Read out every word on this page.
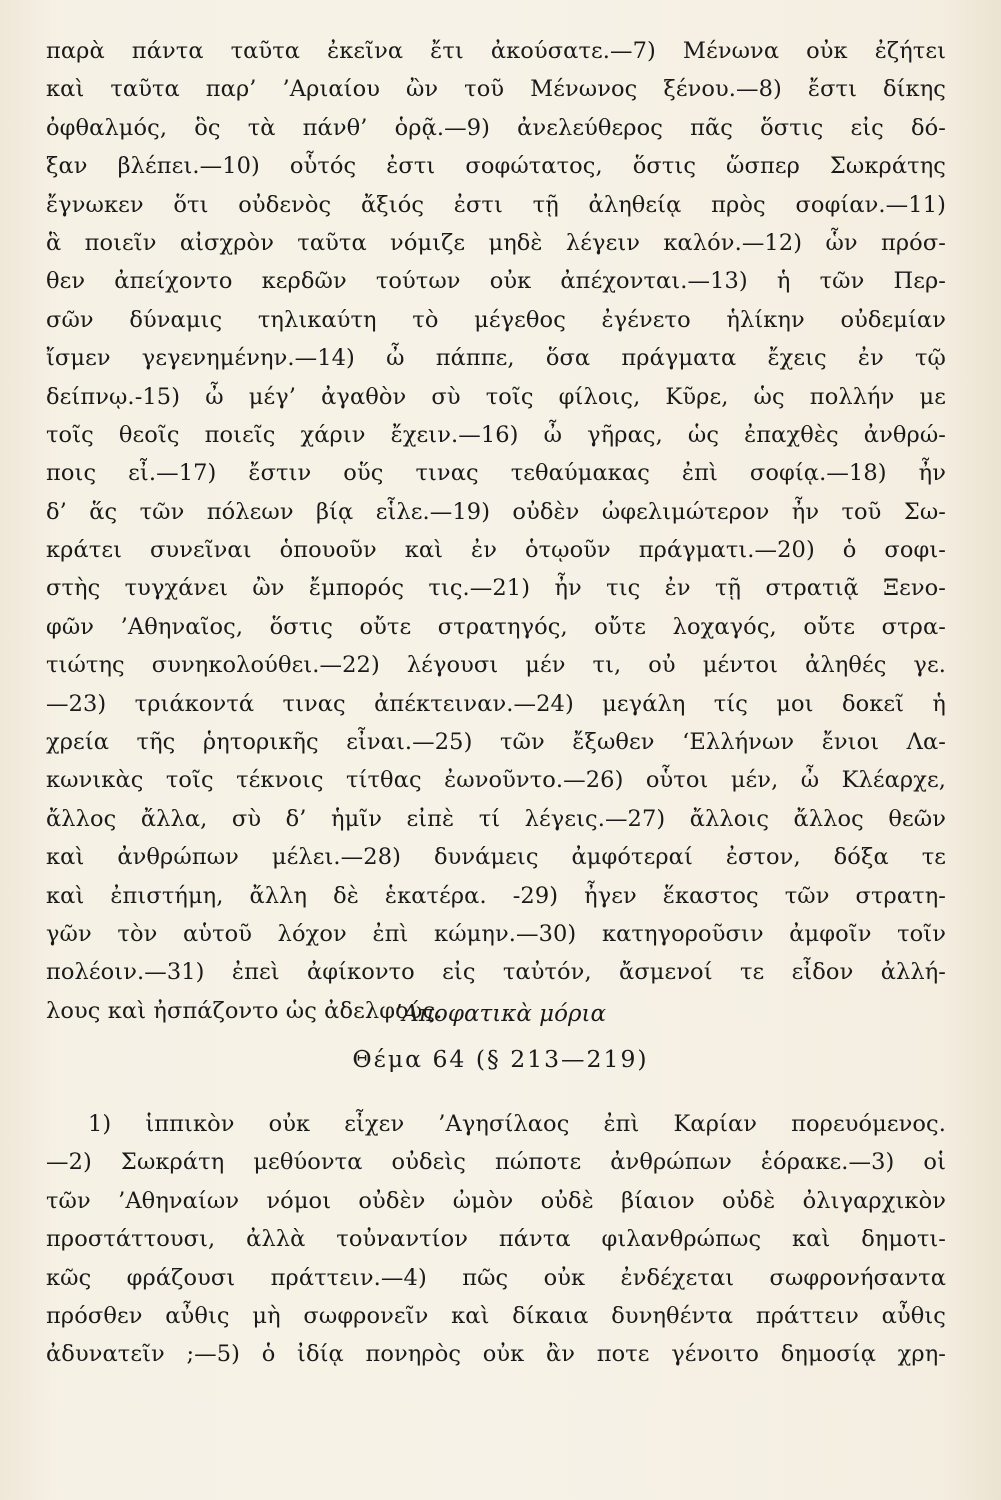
παρὰ πάντα ταῦτα ἐκεῖνα ἔτι ἀκούσατε.—7) Μένωνα οὐκ ἐζήτει
καὶ ταῦτα παρ’ ’Αριαίου ὢν τοῦ Μένωνος ξένου.—8) ἔστι δίκης
ὀφθαλμός, ὃς τὰ πάνθ’ ὁρᾷ.—9) ἀνελεύθερος πᾶς ὅστις εἰς δό-
ξαν βλέπει.—10) οὗτός ἐστι σοφώτατος, ὅστις ὥσπερ Σωκράτης
ἔγνωκεν ὅτι οὐδενὸς ἄξιός ἐστι τῇ ἀληθείᾳ πρὸς σοφίαν.—11)
ἃ ποιεῖν αἰσχρὸν ταῦτα νόμιζε μηδὲ λέγειν καλόν.—12) ὧν πρόσ-
θεν ἀπείχοντο κερδῶν τούτων οὐκ ἀπέχονται.—13) ἡ τῶν Περ-
σῶν δύναμις τηλικαύτη τὸ μέγεθος ἐγένετο ἡλίκην οὐδεμίαν
ἴσμεν γεγενημένην.—14) ὦ πάππε, ὅσα πράγματα ἔχεις ἐν τῷ
δείπνῳ.-15) ὦ μέγ’ ἀγαθὸν σὺ τοῖς φίλοις, Κῦρε, ὡς πολλήν με
τοῖς θεοῖς ποιεῖς χάριν ἔχειν.—16) ὦ γῆρας, ὡς ἐπαχθὲς ἀνθρώ-
ποις εἶ.—17) ἔστιν οὕς τινας τεθαύμακας ἐπὶ σοφίᾳ.—18) ἦν
δ’ ἅς τῶν πόλεων βίᾳ εἷλε.—19) οὐδὲν ὠφελιμώτερον ἦν τοῦ Σω-
κράτει συνεῖναι ὁπουοῦν καὶ ἐν ὁτῳοῦν πράγματι.—20) ὁ σοφι-
στὴς τυγχάνει ὢν ἔμπορός τις.—21) ἦν τις ἐν τῇ στρατιᾷ Ξενο-
φῶν ’Αθηναῖος, ὅστις οὔτε στρατηγός, οὔτε λοχαγός, οὔτε στρα-
τιώτης συνηκολούθει.—22) λέγουσι μέν τι, οὐ μέντοι ἀληθές γε.
—23) τριάκοντά τινας ἀπέκτειναν.—24) μεγάλη τίς μοι δοκεῖ ἡ
χρεία τῆς ῥητορικῆς εἶναι.—25) τῶν ἔξωθεν ‘Ελλήνων ἔνιοι Λα-
κωνικὰς τοῖς τέκνοις τίτθας ἐωνοῦντο.—26) οὗτοι μέν, ὦ Κλέαρχε,
ἄλλος ἄλλα, σὺ δ’ ἡμῖν εἰπὲ τί λέγεις.—27) ἄλλοις ἄλλος θεῶν
καὶ ἀνθρώπων μέλει.—28) δυνάμεις ἀμφότεραί ἐστον, δόξα τε
καὶ ἐπιστήμη, ἄλλη δὲ ἑκατέρα. -29) ἦγεν ἕκαστος τῶν στρατη-
γῶν τὸν αὑτοῦ λόχον ἐπὶ κώμην.—30) κατηγοροῦσιν ἀμφοῖν τοῖν
πολέοιν.—31) ἐπεὶ ἀφίκοντο εἰς ταὐτόν, ἄσμενοί τε εἶδον ἀλλή-
λους καὶ ἠσπάζοντο ὡς ἀδελφούς.
’Αποφατικὰ μόρια
Θέμα 64 (§ 213—219)
1) ἱππικὸν οὐκ εἶχεν ’Αγησίλαος ἐπὶ Καρίαν πορευόμενος.
—2) Σωκράτη μεθύοντα οὐδεὶς πώποτε ἀνθρώπων ἑόρακε.—3) οἱ
τῶν ’Αθηναίων νόμοι οὐδὲν ὠμὸν οὐδὲ βίαιον οὐδὲ ὀλιγαρχικὸν
προστάττουσι, ἀλλὰ τοὐναντίον πάντα φιλανθρώπως καὶ δημοτι-
κῶς φράζουσι πράττειν.—4) πῶς οὐκ ἐνδέχεται σωφρονήσαντα
πρόσθεν αὖθις μὴ σωφρονεῖν καὶ δίκαια δυνηθέντα πράττειν αὖθις
ἀδυνατεῖν ;—5) ὁ ἰδίᾳ πονηρὸς οὐκ ἂν ποτε γένοιτο δημοσίᾳ χρη-
